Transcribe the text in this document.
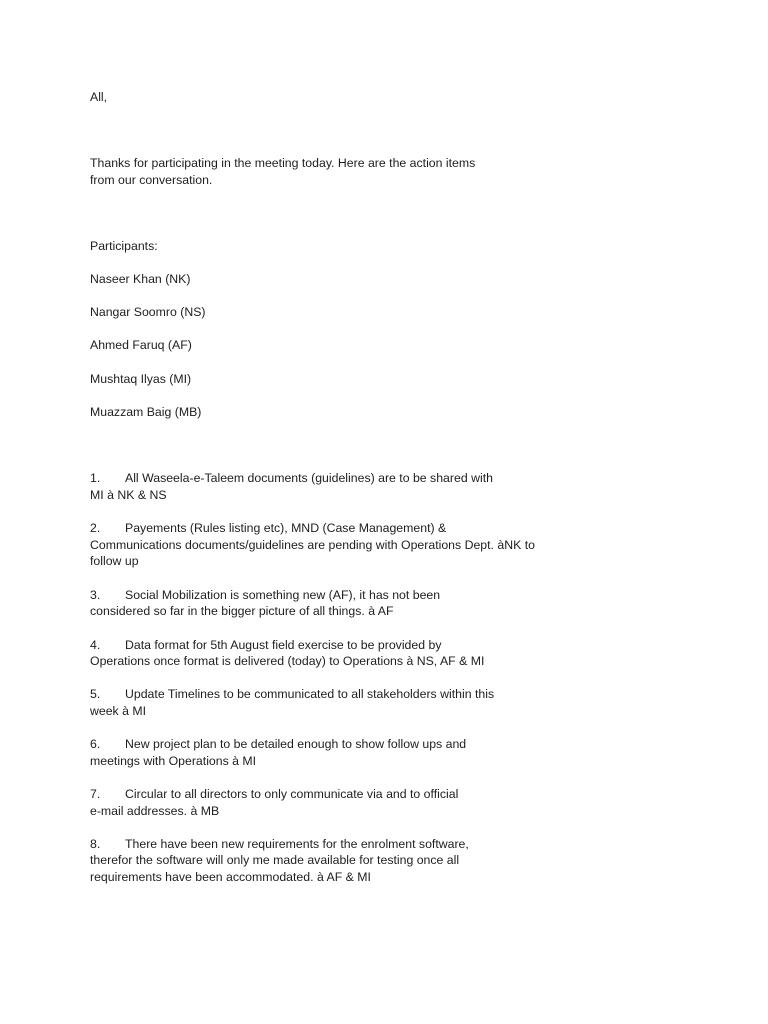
All,
Thanks for participating in the meeting today. Here are the action items
from our conversation.
Participants:
Naseer Khan (NK)
Nangar Soomro (NS)
Ahmed Faruq (AF)
Mushtaq Ilyas (MI)
Muazzam Baig (MB)
1. All Waseela-e-Taleem documents (guidelines) are to be shared with
MI à NK & NS
2. Payements (Rules listing etc), MND (Case Management) &
Communications documents/guidelines are pending with Operations Dept. àNK to
follow up
3. Social Mobilization is something new (AF), it has not been
considered so far in the bigger picture of all things. à AF
4. Data format for 5th August field exercise to be provided by
Operations once format is delivered (today) to Operations à NS, AF & MI
5. Update Timelines to be communicated to all stakeholders within this
week à MI
6. New project plan to be detailed enough to show follow ups and
meetings with Operations à MI
7. Circular to all directors to only communicate via and to official
e-mail addresses. à MB
8. There have been new requirements for the enrolment software,
therefor the software will only me made available for testing once all
requirements have been accommodated. à AF & MI
